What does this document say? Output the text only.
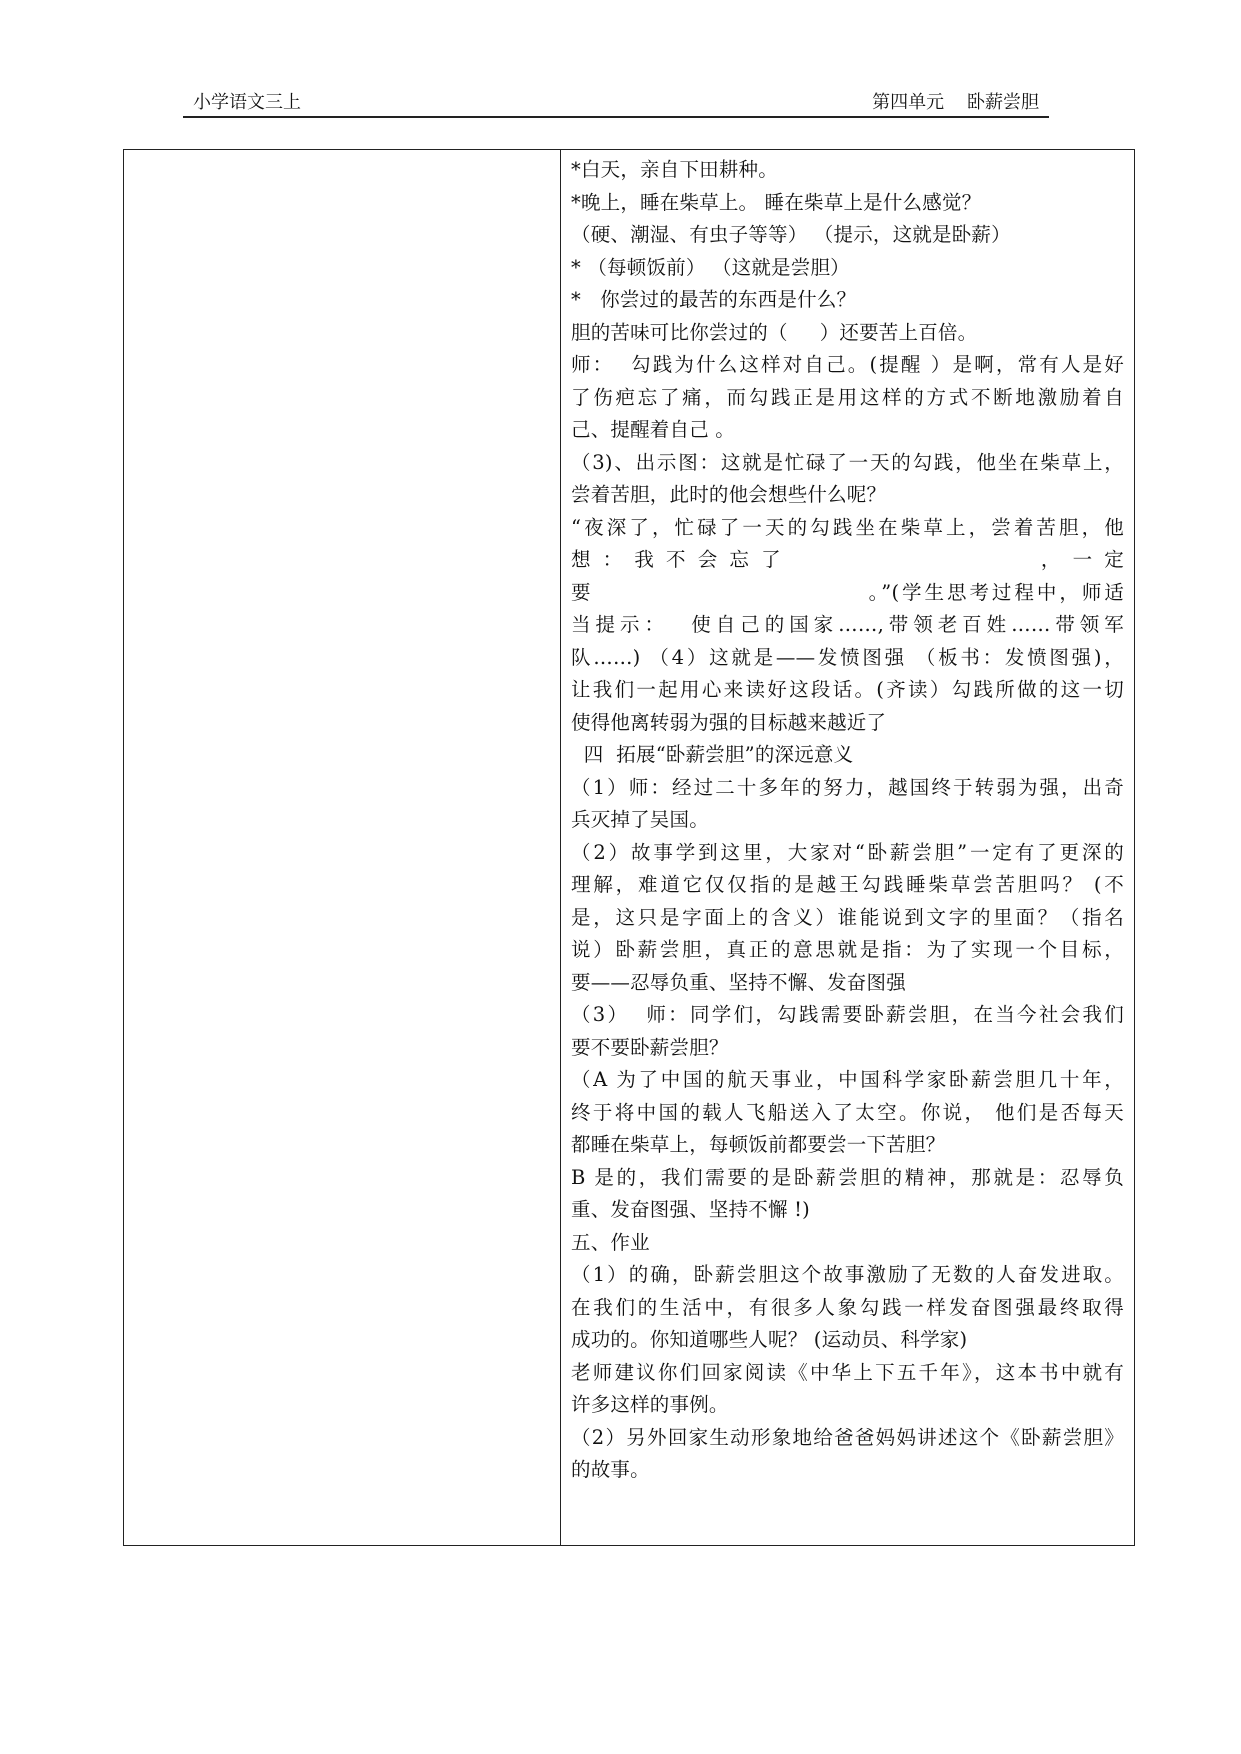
小学语文三上	第四单元    卧薪尝胆
*白天，亲自下田耕种。
*晚上，睡在柴草上。 睡在柴草上是什么感觉？
（硬、潮湿、有虫子等等） （提示，这就是卧薪）
* （每顿饭前） （这就是尝胆）
*   你尝过的最苦的东西是什么？
胆的苦味可比你尝过的（     ）还要苦上百倍。
师：  勾践为什么这样对自己。(提醒 ）是啊，常有人是好
了伤疤忘了痛，而勾践正是用这样的方式不断地激励着自
己、提醒着自己 。
（3)、出示图：这就是忙碌了一天的勾践，他坐在柴草上，
尝着苦胆，此时的他会想些什么呢？
“夜深了，忙碌了一天的勾践坐在柴草上，尝着苦胆，他
想 ： 我 不 会 忘 了                            ， 一 定
要                              。”(学生思考过程中，师适
当提示：  使自己的国家……,带领老百姓……带领军
队……) （4）这就是——发愤图强 （板书：发愤图强)，
让我们一起用心来读好这段话。(齐读）勾践所做的这一切
使得他离转弱为强的目标越来越近了
四  拓展“卧薪尝胆”的深远意义
（1）师：经过二十多年的努力，越国终于转弱为强，出奇
兵灭掉了吴国。
（2）故事学到这里，大家对“卧薪尝胆”一定有了更深的
理解，难道它仅仅指的是越王勾践睡柴草尝苦胆吗？ (不
是，这只是字面上的含义）谁能说到文字的里面？（指名
说）卧薪尝胆，真正的意思就是指：为了实现一个目标，
要——忍辱负重、坚持不懈、发奋图强
（3）  师：同学们，勾践需要卧薪尝胆，在当今社会我们
要不要卧薪尝胆？
（A 为了中国的航天事业，中国科学家卧薪尝胆几十年，
终于将中国的载人飞船送入了太空。你说， 他们是否每天
都睡在柴草上，每顿饭前都要尝一下苦胆？
B 是的，我们需要的是卧薪尝胆的精神，那就是：忍辱负
重、发奋图强、坚持不懈 !)
五、作业
（1）的确，卧薪尝胆这个故事激励了无数的人奋发进取。
在我们的生活中，有很多人象勾践一样发奋图强最终取得
成功的。你知道哪些人呢？ (运动员、科学家)
老师建议你们回家阅读《中华上下五千年》，这本书中就有
许多这样的事例。
（2）另外回家生动形象地给爸爸妈妈讲述这个《卧薪尝胆》
的故事。
